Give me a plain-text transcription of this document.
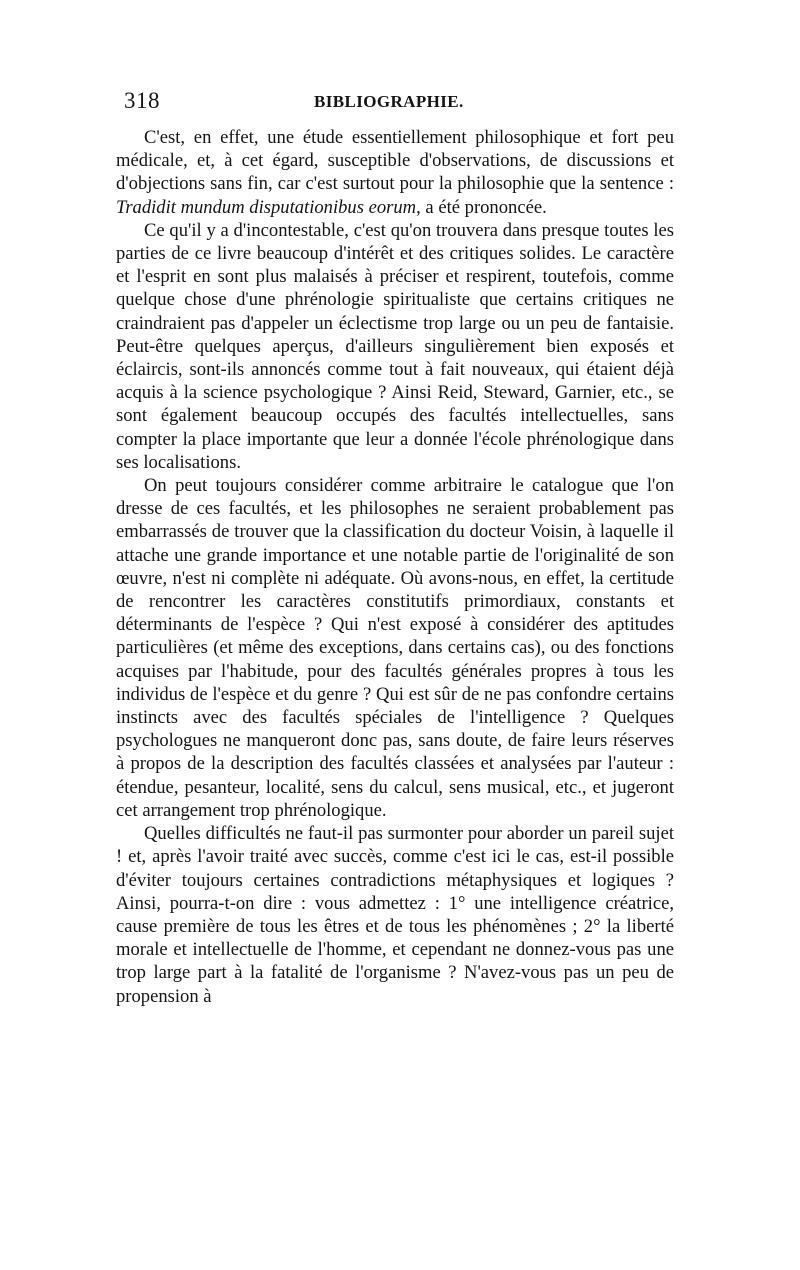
318	BIBLIOGRAPHIE.

C'est, en effet, une étude essentiellement philosophique et fort peu médicale, et, à cet égard, susceptible d'observations, de discussions et d'objections sans fin, car c'est surtout pour la philosophie que la sentence : Tradidit mundum disputationibus eorum, a été prononcée.

Ce qu'il y a d'incontestable, c'est qu'on trouvera dans presque toutes les parties de ce livre beaucoup d'intérêt et des critiques solides. Le caractère et l'esprit en sont plus malaisés à préciser et respirent, toutefois, comme quelque chose d'une phrénologie spiritualiste que certains critiques ne craindraient pas d'appeler un éclectisme trop large ou un peu de fantaisie. Peut-être quelques aperçus, d'ailleurs singulièrement bien exposés et éclaircis, sont-ils annoncés comme tout à fait nouveaux, qui étaient déjà acquis à la science psychologique ? Ainsi Reid, Steward, Garnier, etc., se sont également beaucoup occupés des facultés intellectuelles, sans compter la place importante que leur a donnée l'école phrénologique dans ses localisations.

On peut toujours considérer comme arbitraire le catalogue que l'on dresse de ces facultés, et les philosophes ne seraient probablement pas embarrassés de trouver que la classification du docteur Voisin, à laquelle il attache une grande importance et une notable partie de l'originalité de son œuvre, n'est ni complète ni adéquate. Où avons-nous, en effet, la certitude de rencontrer les caractères constitutifs primordiaux, constants et déterminants de l'espèce ? Qui n'est exposé à considérer des aptitudes particulières (et même des exceptions, dans certains cas), ou des fonctions acquises par l'habitude, pour des facultés générales propres à tous les individus de l'espèce et du genre ? Qui est sûr de ne pas confondre certains instincts avec des facultés spéciales de l'intelligence ? Quelques psychologues ne manqueront donc pas, sans doute, de faire leurs réserves à propos de la description des facultés classées et analysées par l'auteur : étendue, pesanteur, localité, sens du calcul, sens musical, etc., et jugeront cet arrangement trop phrénologique.

Quelles difficultés ne faut-il pas surmonter pour aborder un pareil sujet ! et, après l'avoir traité avec succès, comme c'est ici le cas, est-il possible d'éviter toujours certaines contradictions métaphysiques et logiques ? Ainsi, pourra-t-on dire : vous admettez : 1° une intelligence créatrice, cause première de tous les êtres et de tous les phénomènes ; 2° la liberté morale et intellectuelle de l'homme, et cependant ne donnez-vous pas une trop large part à la fatalité de l'organisme ? N'avez-vous pas un peu de propension à
